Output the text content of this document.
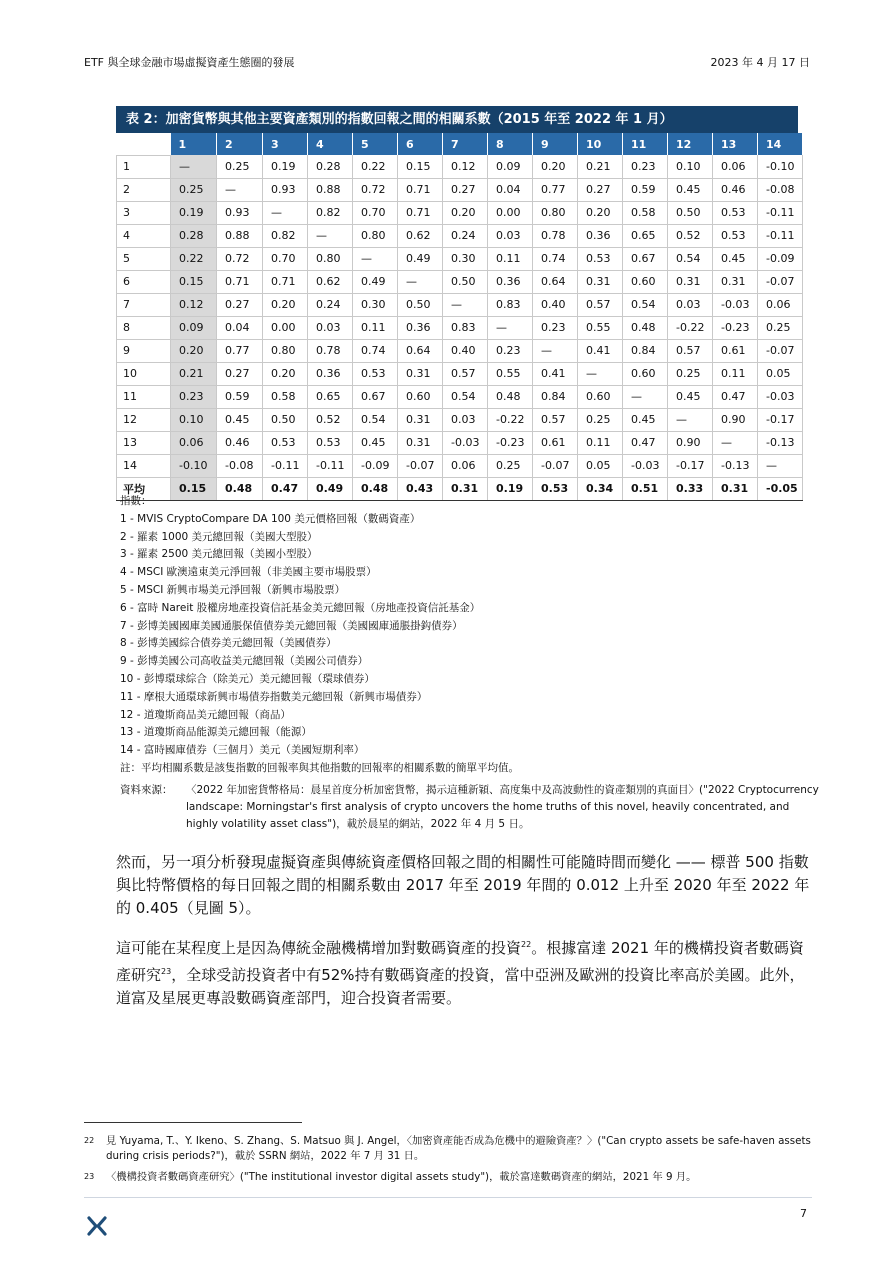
ETF 與全球金融市場虛擬資產生態圈的發展	2023 年 4 月 17 日
表 2：加密貨幣與其他主要資產類別的指數回報之間的相關系數（2015 年至 2022 年 1 月）
	1	2	3	4	5	6	7	8	9	10	11	12	13	14
1	—	0.25	0.19	0.28	0.22	0.15	0.12	0.09	0.20	0.21	0.23	0.10	0.06	-0.10
2	0.25	—	0.93	0.88	0.72	0.71	0.27	0.04	0.77	0.27	0.59	0.45	0.46	-0.08
3	0.19	0.93	—	0.82	0.70	0.71	0.20	0.00	0.80	0.20	0.58	0.50	0.53	-0.11
4	0.28	0.88	0.82	—	0.80	0.62	0.24	0.03	0.78	0.36	0.65	0.52	0.53	-0.11
5	0.22	0.72	0.70	0.80	—	0.49	0.30	0.11	0.74	0.53	0.67	0.54	0.45	-0.09
6	0.15	0.71	0.71	0.62	0.49	—	0.50	0.36	0.64	0.31	0.60	0.31	0.31	-0.07
7	0.12	0.27	0.20	0.24	0.30	0.50	—	0.83	0.40	0.57	0.54	0.03	-0.03	0.06
8	0.09	0.04	0.00	0.03	0.11	0.36	0.83	—	0.23	0.55	0.48	-0.22	-0.23	0.25
9	0.20	0.77	0.80	0.78	0.74	0.64	0.40	0.23	—	0.41	0.84	0.57	0.61	-0.07
10	0.21	0.27	0.20	0.36	0.53	0.31	0.57	0.55	0.41	—	0.60	0.25	0.11	0.05
11	0.23	0.59	0.58	0.65	0.67	0.60	0.54	0.48	0.84	0.60	—	0.45	0.47	-0.03
12	0.10	0.45	0.50	0.52	0.54	0.31	0.03	-0.22	0.57	0.25	0.45	—	0.90	-0.17
13	0.06	0.46	0.53	0.53	0.45	0.31	-0.03	-0.23	0.61	0.11	0.47	0.90	—	-0.13
14	-0.10	-0.08	-0.11	-0.11	-0.09	-0.07	0.06	0.25	-0.07	0.05	-0.03	-0.17	-0.13	—
平均	0.15	0.48	0.47	0.49	0.48	0.43	0.31	0.19	0.53	0.34	0.51	0.33	0.31	-0.05

指數：

1 - MVIS CryptoCompare DA 100 美元價格回報（數碼資產）

2 - 羅素 1000 美元總回報（美國大型股）

3 - 羅素 2500 美元總回報（美國小型股）

4 - MSCI 歐澳遠東美元淨回報（非美國主要市場股票）

5 - MSCI 新興市場美元淨回報（新興市場股票）

6 - 富時 Nareit 股權房地產投資信託基金美元總回報（房地產投資信託基金）

7 - 彭博美國國庫美國通脹保值債券美元總回報（美國國庫通脹掛鈎債券）

8 - 彭博美國綜合債券美元總回報（美國債券）

9 - 彭博美國公司高收益美元總回報（美國公司債券）

10 - 彭博環球綜合（除美元）美元總回報（環球債券）

11 - 摩根大通環球新興市場債券指數美元總回報（新興市場債券）

12 - 道瓊斯商品美元總回報（商品）

13 - 道瓊斯商品能源美元總回報（能源）

14 - 富時國庫債券（三個月）美元（美國短期利率）

註：平均相關系數是該隻指數的回報率與其他指數的回報率的相關系數的簡單平均值。

資料來源：	〈2022 年加密貨幣格局：晨星首度分析加密貨幣，揭示這種新穎、高度集中及高波動性的資產類別的真面目〉("2022 Cryptocurrency landscape: Morningstar's first analysis of crypto uncovers the home truths of this novel, heavily concentrated, and highly volatility asset class")，載於晨星的網站，2022 年 4 月 5 日。
然而，另一項分析發現虛擬資產與傳統資產價格回報之間的相關性可能隨時間而變化 —— 標普 500 指數與比特幣價格的每日回報之間的相關系數由 2017 年至 2019 年間的 0.012 上升至 2020 年至 2022 年的 0.405（見圖 5）。
這可能在某程度上是因為傳統金融機構增加對數碼資產的投資$^{22}$。根據富達 2021 年的機構投資者數碼資產研究$^{23}$，全球受訪投資者中有52%持有數碼資產的投資，當中亞洲及歐洲的投資比率高於美國。此外，道富及星展更專設數碼資產部門，迎合投資者需要。
22	見 Yuyama, T.、Y. Ikeno、S. Zhang、S. Matsuo 與 J. Angel，〈加密資產能否成為危機中的避險資產？〉("Can crypto assets be safe-haven assets during crisis periods?")，載於 SSRN 網站，2022 年 7 月 31 日。
23	〈機構投資者數碼資產研究〉("The institutional investor digital assets study")，載於富達數碼資產的網站，2021 年 9 月。
7
